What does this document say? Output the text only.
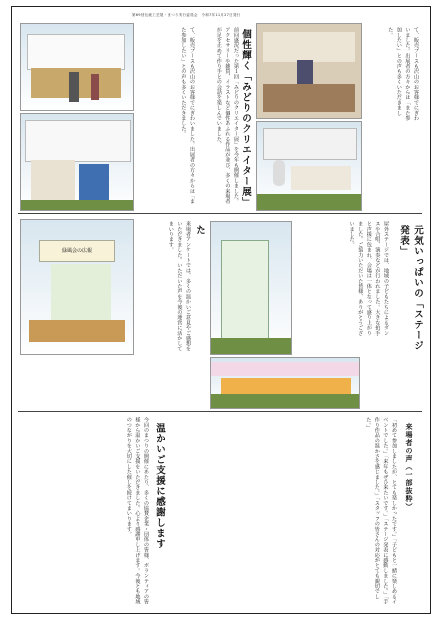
第69回伝統工芸展・まつり実行委員会　令和7年11月27日発行
て、販売ブースも沢山のお客様でにぎわいました。出展者の方々からは「また参加したい」との声も多くいただきました。	前回盛況だった第１回「みどりのクリエイター展」を今年も開催しました。アクセサリーや雑貨、イラストなど個性あふれる作品が並び、多くの来場者が足を止めて作り手との会話を楽しんでいました。	個性輝く「みどりのクリエイター展」	て、販売ブースも沢山のお客様でにぎわいました。出展者の方々からは「また参加したい」との声も多くいただきました。
緑風会の広報	来場者アンケートでは、多くの温かいご意見やご感想をいただきました。いただいた声を今後の運営に活かしてまいります。	た	屋外ステージでは、地域の子どもたちによるダンスや合唱、演奏などが行われました。大きな拍手と声援に包まれ、会場は一体となって盛り上がりました。ご協力いただいた皆様、ありがとうございました。	元気いっぱいの「ステージ発表」
今回のまつりの開催にあたり、多くの協賛企業・団体の皆様、ボランティアの皆様から温かいご支援をいただきました。心より感謝申し上げます。今後とも地域のつながりを大切にした催しを続けてまいります。	温かいご支援に感謝します	「初めて参加しましたが、とても楽しかったです。」「子どもと一緒に楽しめるイベントでした。」「来年もぜひ来たいです。」「ステージ発表に感動しました。」「手作り作品の温かさを感じました。」「スタッフの皆さんの対応がとても親切でした。」	来場者の声（一部抜粋）
